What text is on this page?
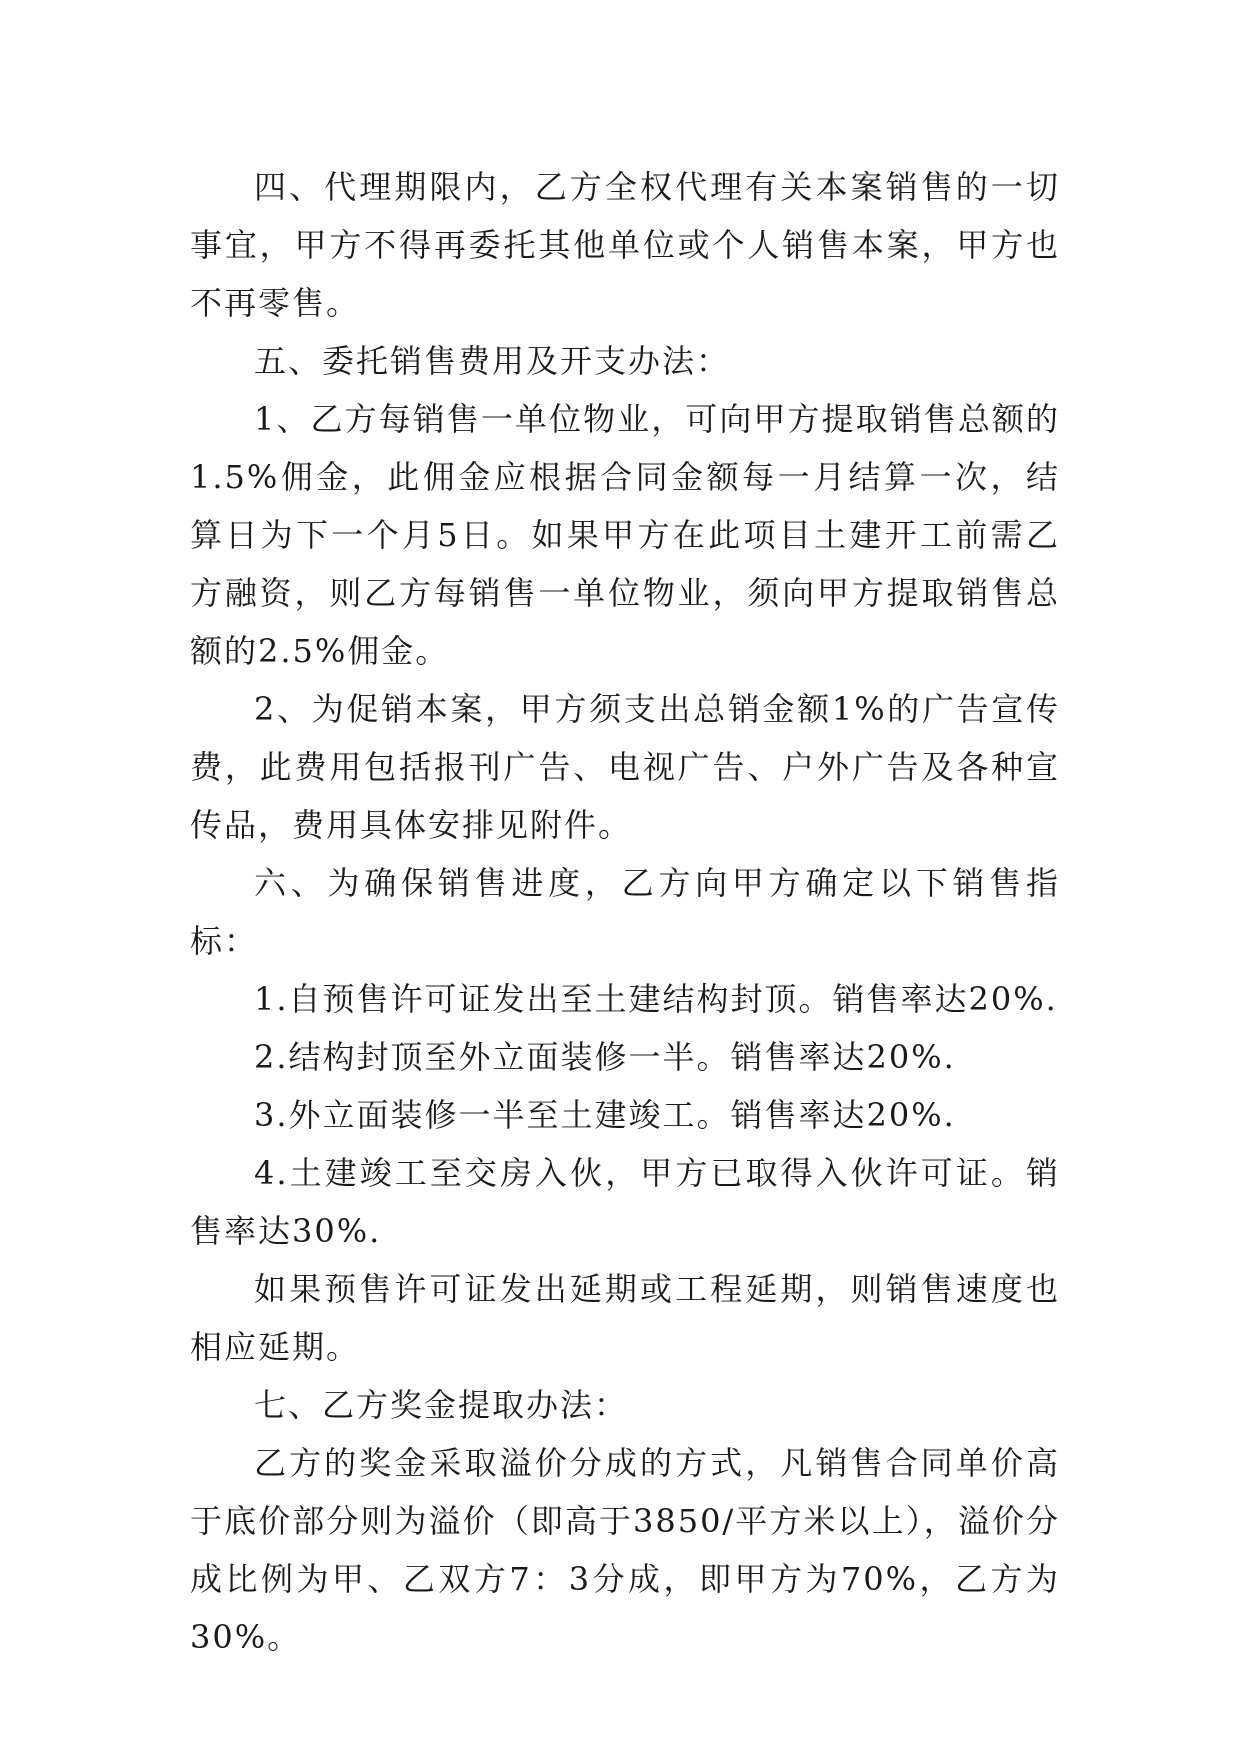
四、代理期限内，乙方全权代理有关本案销售的一切事宜，甲方不得再委托其他单位或个人销售本案，甲方也不再零售。

五、委托销售费用及开支办法：

1、乙方每销售一单位物业，可向甲方提取销售总额的1.5%佣金，此佣金应根据合同金额每一月结算一次，结算日为下一个月5日。如果甲方在此项目土建开工前需乙方融资，则乙方每销售一单位物业，须向甲方提取销售总额的2.5%佣金。

2、为促销本案，甲方须支出总销金额1%的广告宣传费，此费用包括报刊广告、电视广告、户外广告及各种宣传品，费用具体安排见附件。

六、为确保销售进度，乙方向甲方确定以下销售指标：

1.自预售许可证发出至土建结构封顶。销售率达20%.

2.结构封顶至外立面装修一半。销售率达20%.

3.外立面装修一半至土建竣工。销售率达20%.

4.土建竣工至交房入伙，甲方已取得入伙许可证。销售率达30%.

如果预售许可证发出延期或工程延期，则销售速度也相应延期。

七、乙方奖金提取办法：

乙方的奖金采取溢价分成的方式，凡销售合同单价高于底价部分则为溢价（即高于3850/平方米以上），溢价分成比例为甲、乙双方7：3分成，即甲方为70%，乙方为30%。
